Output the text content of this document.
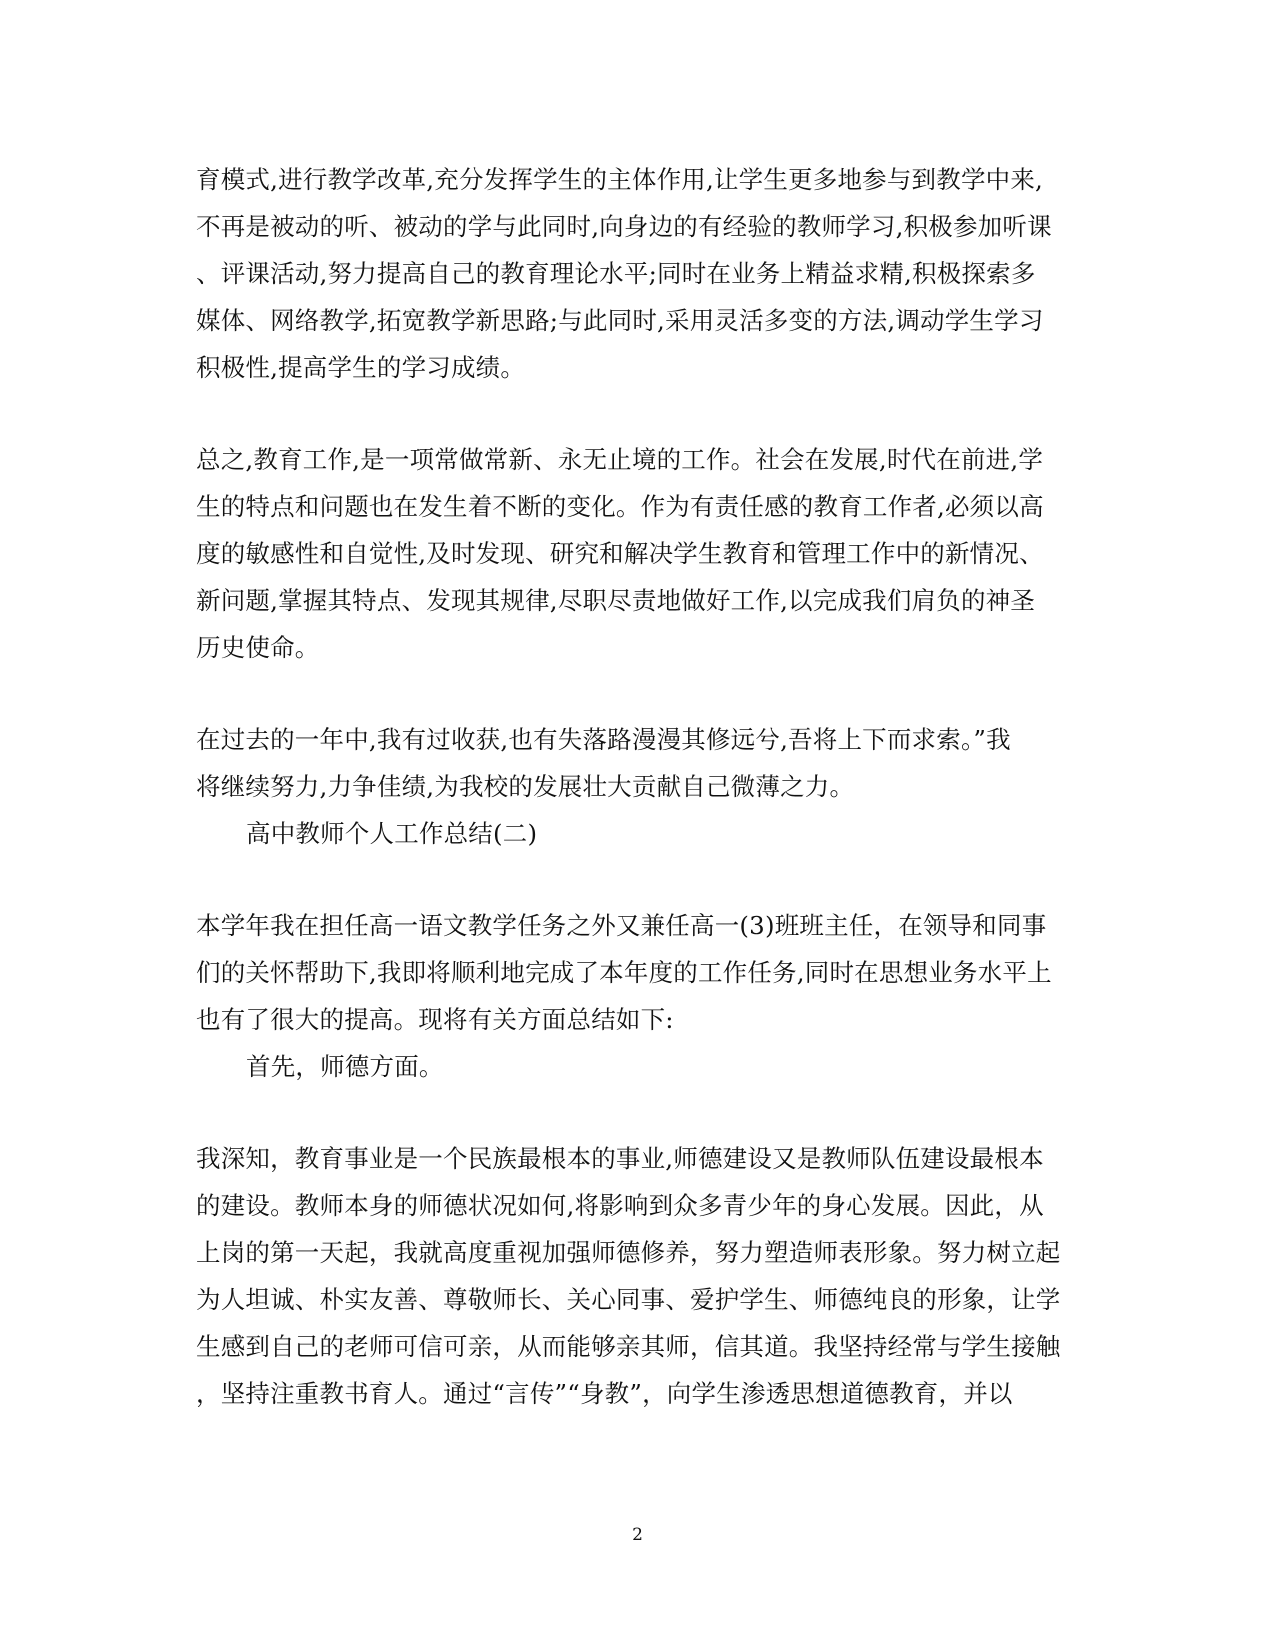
育模式,进行教学改革,充分发挥学生的主体作用,让学生更多地参与到教学中来,
不再是被动的听、被动的学与此同时,向身边的有经验的教师学习,积极参加听课
、评课活动,努力提高自己的教育理论水平;同时在业务上精益求精,积极探索多
媒体、网络教学,拓宽教学新思路;与此同时,采用灵活多变的方法,调动学生学习
积极性,提高学生的学习成绩。
总之,教育工作,是一项常做常新、永无止境的工作。社会在发展,时代在前进,学
生的特点和问题也在发生着不断的变化。作为有责任感的教育工作者,必须以高
度的敏感性和自觉性,及时发现、研究和解决学生教育和管理工作中的新情况、
新问题,掌握其特点、发现其规律,尽职尽责地做好工作,以完成我们肩负的神圣
历史使命。
在过去的一年中,我有过收获,也有失落路漫漫其修远兮,吾将上下而求索。”我
将继续努力,力争佳绩,为我校的发展壮大贡献自己微薄之力。
高中教师个人工作总结(二)
本学年我在担任高一语文教学任务之外又兼任高一(3)班班主任，在领导和同事
们的关怀帮助下,我即将顺利地完成了本年度的工作任务,同时在思想业务水平上
也有了很大的提高。现将有关方面总结如下:
首先，师德方面。
我深知，教育事业是一个民族最根本的事业,师德建设又是教师队伍建设最根本
的建设。教师本身的师德状况如何,将影响到众多青少年的身心发展。因此，从
上岗的第一天起，我就高度重视加强师德修养，努力塑造师表形象。努力树立起
为人坦诚、朴实友善、尊敬师长、关心同事、爱护学生、师德纯良的形象，让学
生感到自己的老师可信可亲，从而能够亲其师，信其道。我坚持经常与学生接触
，坚持注重教书育人。通过“言传”“身教”，向学生渗透思想道德教育，并以
2
